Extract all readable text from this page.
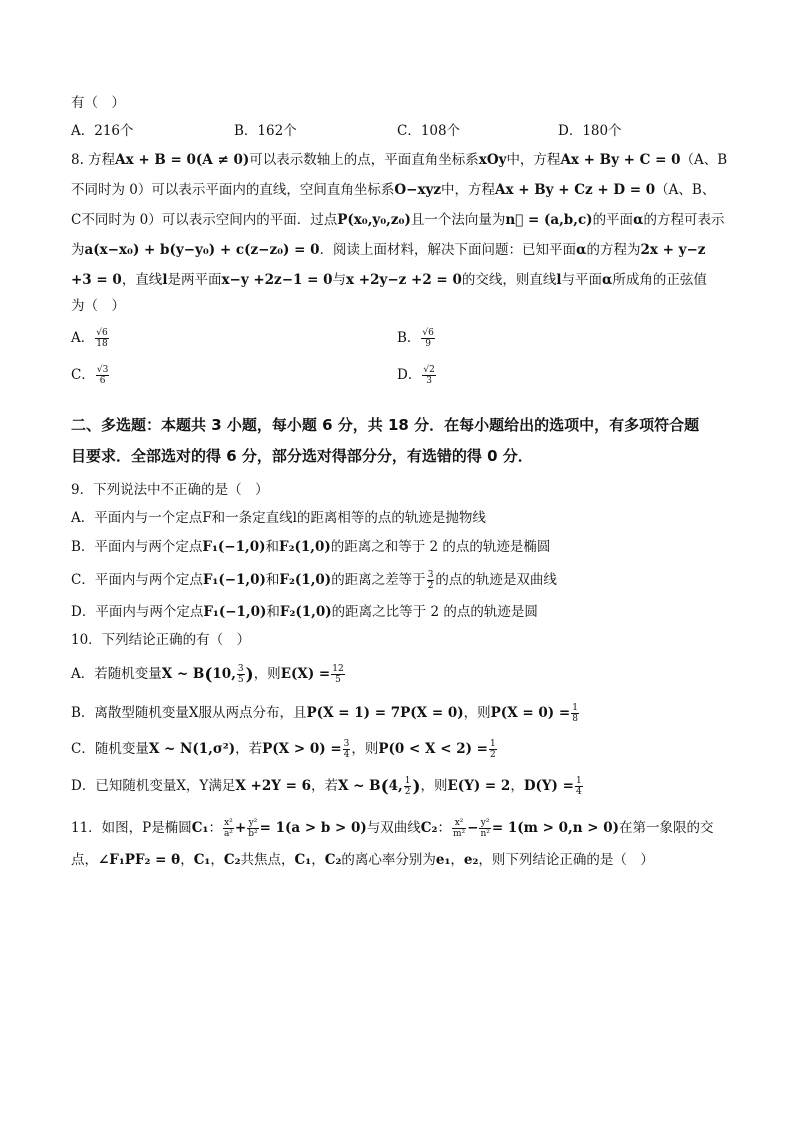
有（　）
A．216个	B．162个	C．108个	D．180个
8. 方程Ax + B = 0(A ≠ 0)可以表示数轴上的点，平面直角坐标系xOy中，方程Ax + By + C = 0（A、B
不同时为 0）可以表示平面内的直线，空间直角坐标系O−xyz中，方程Ax + By + Cz + D = 0（A、B、
C不同时为 0）可以表示空间内的平面．过点P(x₀,y₀,z₀)且一个法向量为n⃗ = (a,b,c)的平面α的方程可表示
为a(x−x₀) + b(y−y₀) + c(z−z₀) = 0．阅读上面材料，解决下面问题：已知平面α的方程为2x + y−z
+3 = 0，直线l是两平面x−y +2z−1 = 0与x +2y−z +2 = 0的交线，则直线l与平面α所成角的正弦值
为（　）
A． $\frac{√6}{18}$	B． $\frac{√6}{9}$
C． $\frac{√3}{6}$	D． $\frac{√2}{3}$
二、多选题：本题共 3 小题，每小题 6 分，共 18 分．在每小题给出的选项中，有多项符合题
目要求．全部选对的得 6 分，部分选对得部分分，有选错的得 0 分．
9．下列说法中不正确的是（　）
A．平面内与一个定点F和一条定直线l的距离相等的点的轨迹是抛物线
B．平面内与两个定点F₁(−1,0)和F₂(1,0)的距离之和等于 2 的点的轨迹是椭圆
C．平面内与两个定点F₁(−1,0)和F₂(1,0)的距离之差等于 $\frac{3}{2}$ 的点的轨迹是双曲线
D．平面内与两个定点F₁(−1,0)和F₂(1,0)的距离之比等于 2 的点的轨迹是圆
10．下列结论正确的有（　）
A．若随机变量X ~ B(10, $\frac{3}{5}$ )，则$E(X) = \frac{12}{5}$
B．离散型随机变量X服从两点分布，且P(X = 1) = 7P(X = 0)，则$P(X = 0) = \frac{1}{8}$
C．随机变量X ~ N(1,σ²)，若$P(X > 0) = \frac{3}{4}$ ，则$P(0 < X < 2) = \frac{1}{2}$
D．已知随机变量X，Y满足X +2Y = 6，若X ~ B(4, $\frac{1}{2}$ )，则E(Y) = 2，$D(Y) = \frac{1}{4}$
11．如图，P是椭圆C₁： $\frac{\text{x²}}{\text{a²}} + \frac{\text{y²}}{\text{b²}} = 1(a > b > 0)$与双曲线C₂： $\frac{\text{x²}}{\text{m²}} - \frac{\text{y²}}{\text{n²}} = 1(m > 0,n > 0)$在第一象限的交
点，∠F₁PF₂ = θ，C₁，C₂共焦点，C₁，C₂的离心率分别为e₁，e₂，则下列结论正确的是（　）
